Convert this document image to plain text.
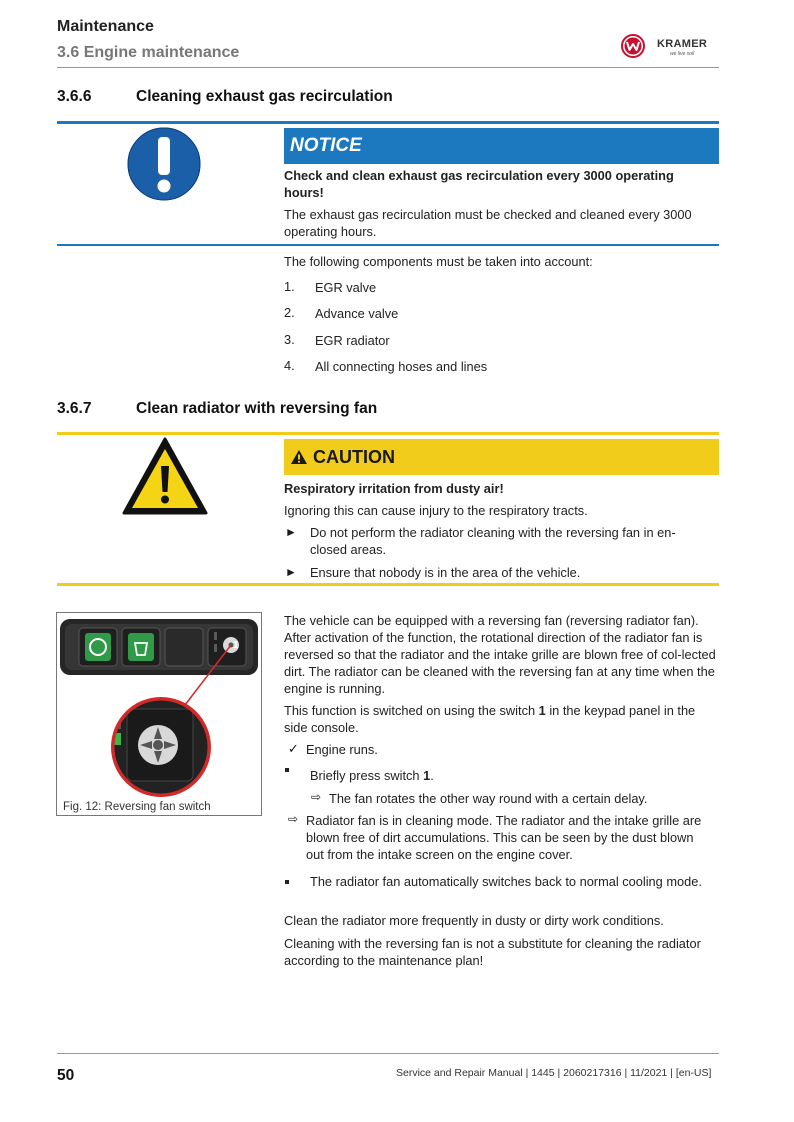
Maintenance
3.6 Engine maintenance	KRAMER
we live soil
3.6.6	Cleaning exhaust gas recirculation
NOTICE
Check and clean exhaust gas recirculation every 3000 operating hours!
The exhaust gas recirculation must be checked and cleaned every 3000 operating hours.
The following components must be taken into account:
1. EGR valve
2. Advance valve
3. EGR radiator
4. All connecting hoses and lines
3.6.7	Clean radiator with reversing fan
CAUTION
Respiratory irritation from dusty air!
Ignoring this can cause injury to the respiratory tracts.
► Do not perform the radiator cleaning with the reversing fan in en-closed areas.
► Ensure that nobody is in the area of the vehicle.
1
Fig. 12: Reversing fan switch
The vehicle can be equipped with a reversing fan (reversing radiator fan). After activation of the function, the rotational direction of the radiator fan is reversed so that the radiator and the intake grille are blown free of col-lected dirt. The radiator can be cleaned with the reversing fan at any time when the engine is running.
This function is switched on using the switch 1 in the keypad panel in the side console.
✓ Engine runs.
Briefly press switch 1.
⇨ The fan rotates the other way round with a certain delay.
⇨ Radiator fan is in cleaning mode. The radiator and the intake grille are blown free of dirt accumulations. This can be seen by the dust blown out from the intake screen on the engine cover.
The radiator fan automatically switches back to normal cooling mode.
Clean the radiator more frequently in dusty or dirty work conditions.
Cleaning with the reversing fan is not a substitute for cleaning the radiator according to the maintenance plan!
50	Service and Repair Manual | 1445 | 2060217316 | 11/2021 | [en-US]
